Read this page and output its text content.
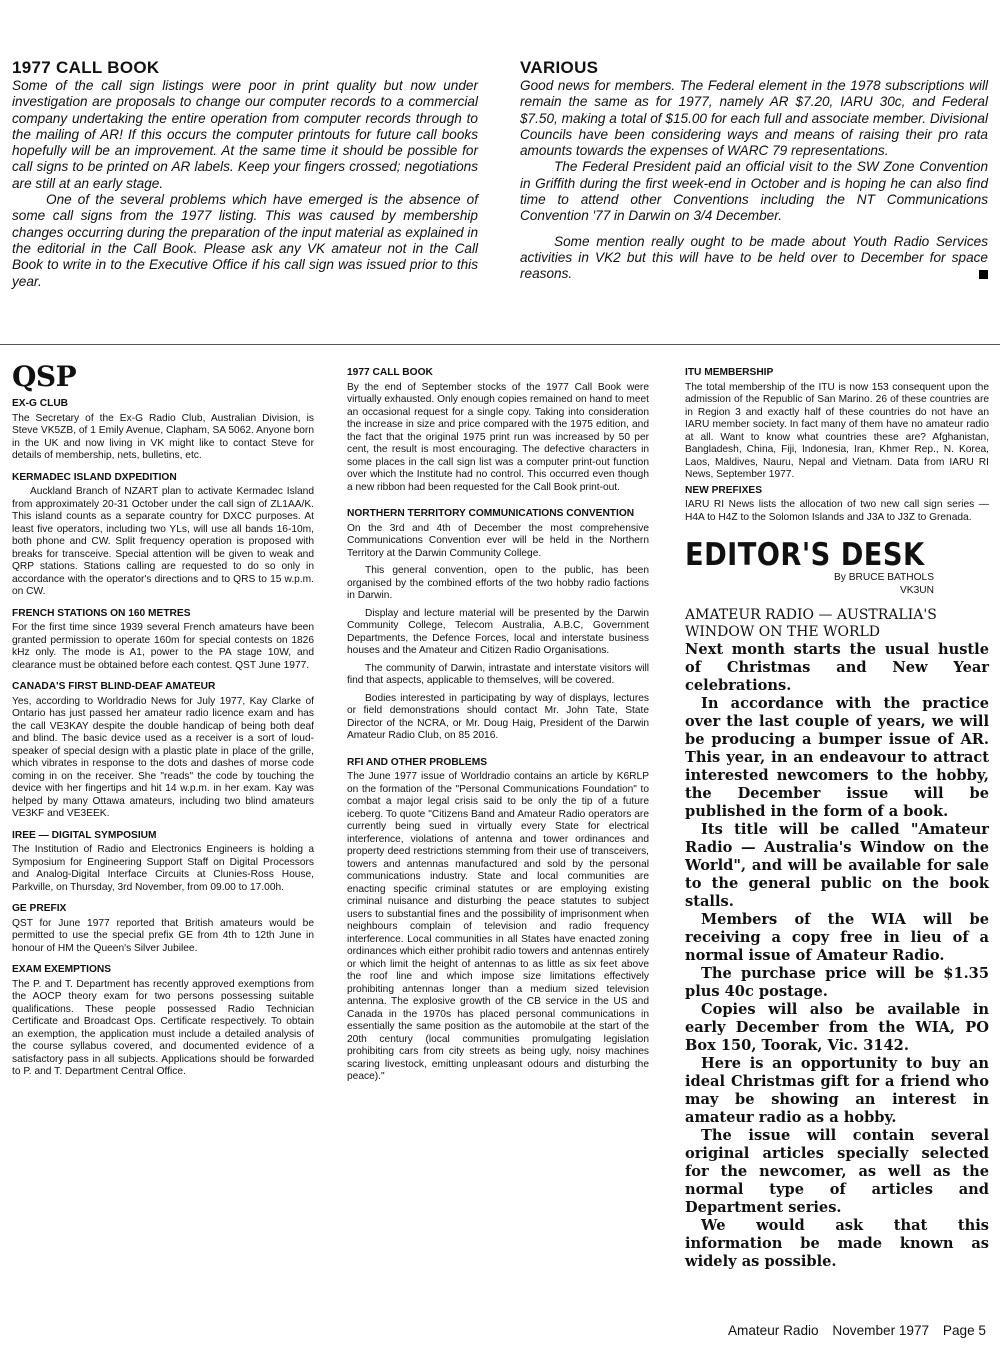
1977 CALL BOOK

Some of the call sign listings were poor in print quality but now under investigation are proposals to change our computer records to a commercial company undertaking the entire operation from computer records through to the mailing of AR! If this occurs the computer printouts for future call books hopefully will be an improvement. At the same time it should be possible for call signs to be printed on AR labels. Keep your fingers crossed; negotiations are still at an early stage.

One of the several problems which have emerged is the absence of some call signs from the 1977 listing. This was caused by membership changes occurring during the preparation of the input material as explained in the editorial in the Call Book. Please ask any VK amateur not in the Call Book to write in to the Executive Office if his call sign was issued prior to this year.

VARIOUS

Good news for members. The Federal element in the 1978 subscriptions will remain the same as for 1977, namely AR $7.20, IARU 30c, and Federal $7.50, making a total of $15.00 for each full and associate member. Divisional Councils have been considering ways and means of raising their pro rata amounts towards the expenses of WARC 79 representations.

The Federal President paid an official visit to the SW Zone Convention in Griffith during the first week-end in October and is hoping he can also find time to attend other Conventions including the NT Communications Convention '77 in Darwin on 3/4 December.

Some mention really ought to be made about Youth Radio Services activities in VK2 but this will have to be held over to December for space reasons.

QSP
EX-G CLUB

The Secretary of the Ex-G Radio Club, Australian Division, is Steve VK5ZB, of 1 Emily Avenue, Clapham, SA 5062. Anyone born in the UK and now living in VK might like to contact Steve for details of membership, nets, bulletins, etc.

KERMADEC ISLAND DXPEDITION

Auckland Branch of NZART plan to activate Kermadec Island from approximately 20-31 October under the call sign of ZL1AA/K. This island counts as a separate country for DXCC purposes. At least five operators, including two YLs, will use all bands 16-10m, both phone and CW. Split frequency operation is proposed with breaks for transceive. Special attention will be given to weak and QRP stations. Stations calling are requested to do so only in accordance with the operator's directions and to QRS to 15 w.p.m. on CW.

FRENCH STATIONS ON 160 METRES

For the first time since 1939 several French amateurs have been granted permission to operate 160m for special contests on 1826 kHz only. The mode is A1, power to the PA stage 10W, and clearance must be obtained before each contest. QST June 1977.

CANADA'S FIRST BLIND-DEAF AMATEUR

Yes, according to Worldradio News for July 1977, Kay Clarke of Ontario has just passed her amateur radio licence exam and has the call VE3KAY despite the double handicap of being both deaf and blind. The basic device used as a receiver is a sort of loud-speaker of special design with a plastic plate in place of the grille, which vibrates in response to the dots and dashes of morse code coming in on the receiver. She "reads" the code by touching the device with her fingertips and hit 14 w.p.m. in her exam. Kay was helped by many Ottawa amateurs, including two blind amateurs VE3KF and VE3EEK.

IREE — DIGITAL SYMPOSIUM

The Institution of Radio and Electronics Engineers is holding a Symposium for Engineering Support Staff on Digital Processors and Analog-Digital Interface Circuits at Clunies-Ross House, Parkville, on Thursday, 3rd November, from 09.00 to 17.00h.

GE PREFIX

QST for June 1977 reported that British amateurs would be permitted to use the special prefix GE from 4th to 12th June in honour of HM the Queen's Silver Jubilee.

EXAM EXEMPTIONS

The P. and T. Department has recently approved exemptions from the AOCP theory exam for two persons possessing suitable qualifications. These people possessed Radio Technician Certificate and Broadcast Ops. Certificate respectively. To obtain an exemption, the application must include a detailed analysis of the course syllabus covered, and documented evidence of a satisfactory pass in all subjects. Applications should be forwarded to P. and T. Department Central Office.

1977 CALL BOOK

By the end of September stocks of the 1977 Call Book were virtually exhausted. Only enough copies remained on hand to meet an occasional request for a single copy. Taking into consideration the increase in size and price compared with the 1975 edition, and the fact that the original 1975 print run was increased by 50 per cent, the result is most encouraging. The defective characters in some places in the call sign list was a computer print-out function over which the Institute had no control. This occurred even though a new ribbon had been requested for the Call Book print-out.

NORTHERN TERRITORY COMMUNICATIONS CONVENTION

On the 3rd and 4th of December the most comprehensive Communications Convention ever will be held in the Northern Territory at the Darwin Community College.

This general convention, open to the public, has been organised by the combined efforts of the two hobby radio factions in Darwin.

Display and lecture material will be presented by the Darwin Community College, Telecom Australia, A.B.C, Government Departments, the Defence Forces, local and interstate business houses and the Amateur and Citizen Radio Organisations.

The community of Darwin, intrastate and interstate visitors will find that aspects, applicable to themselves, will be covered.

Bodies interested in participating by way of displays, lectures or field demonstrations should contact Mr. John Tate, State Director of the NCRA, or Mr. Doug Haig, President of the Darwin Amateur Radio Club, on 85 2016.

RFI AND OTHER PROBLEMS

The June 1977 issue of Worldradio contains an article by K6RLP on the formation of the "Personal Communications Foundation" to combat a major legal crisis said to be only the tip of a future iceberg. To quote "Citizens Band and Amateur Radio operators are currently being sued in virtually every State for electrical interference, violations of antenna and tower ordinances and property deed restrictions stemming from their use of transceivers, towers and antennas manufactured and sold by the personal communications industry. State and local communities are enacting specific criminal statutes or are employing existing criminal nuisance and disturbing the peace statutes to subject users to substantial fines and the possibility of imprisonment when neighbours complain of television and radio frequency interference. Local communities in all States have enacted zoning ordinances which either prohibit radio towers and antennas entirely or which limit the height of antennas to as little as six feet above the roof line and which impose size limitations effectively prohibiting antennas longer than a medium sized television antenna. The explosive growth of the CB service in the US and Canada in the 1970s has placed personal communications in essentially the same position as the automobile at the start of the 20th century (local communities promulgating legislation prohibiting cars from city streets as being ugly, noisy machines scaring livestock, emitting unpleasant odours and disturbing the peace)."

ITU MEMBERSHIP

The total membership of the ITU is now 153 consequent upon the admission of the Republic of San Marino. 26 of these countries are in Region 3 and exactly half of these countries do not have an IARU member society. In fact many of them have no amateur radio at all. Want to know what countries these are? Afghanistan, Bangladesh, China, Fiji, Indonesia, Iran, Khmer Rep., N. Korea, Laos, Maldives, Nauru, Nepal and Vietnam. Data from IARU RI News, September 1977.

NEW PREFIXES

IARU RI News lists the allocation of two new call sign series — H4A to H4Z to the Solomon Islands and J3A to J3Z to Grenada.

EDITOR'S DESK
By BRUCE BATHOLS
VK3UN
AMATEUR RADIO — AUSTRALIA'S WINDOW ON THE WORLD

Next month starts the usual hustle of Christmas and New Year celebrations.

In accordance with the practice over the last couple of years, we will be producing a bumper issue of AR. This year, in an endeavour to attract interested newcomers to the hobby, the December issue will be published in the form of a book.

Its title will be called "Amateur Radio — Australia's Window on the World", and will be available for sale to the general public on the book stalls.

Members of the WIA will be receiving a copy free in lieu of a normal issue of Amateur Radio.

The purchase price will be $1.35 plus 40c postage.

Copies will also be available in early December from the WIA, PO Box 150, Toorak, Vic. 3142.

Here is an opportunity to buy an ideal Christmas gift for a friend who may be showing an interest in amateur radio as a hobby.

The issue will contain several original articles specially selected for the newcomer, as well as the normal type of articles and Department series.

We would ask that this information be made known as widely as possible.

Amateur Radio November 1977 Page 5
